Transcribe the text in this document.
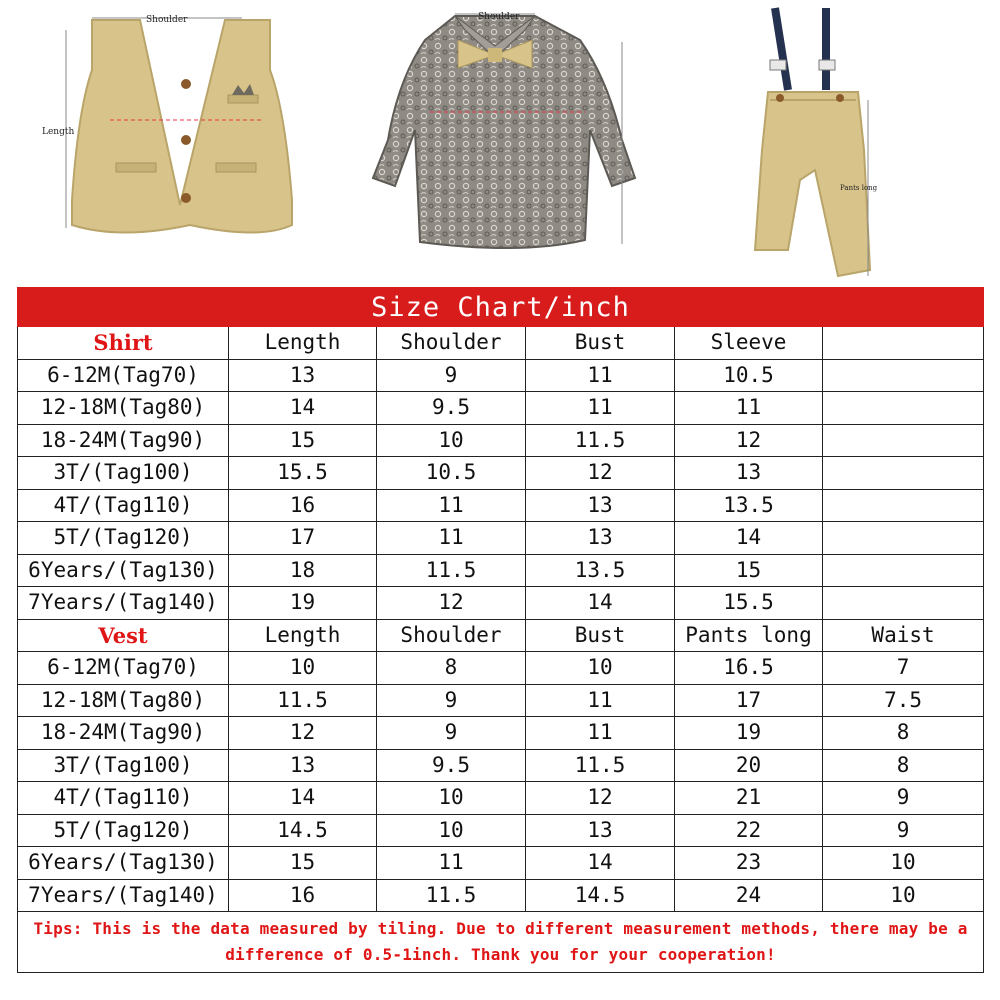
Shoulder
Length
Shoulder
Pants long
Size Chart/inch					
Shirt	Length	Shoulder	Bust	Sleeve	
6-12M(Tag70)	13	9	11	10.5	
12-18M(Tag80)	14	9.5	11	11	
18-24M(Tag90)	15	10	11.5	12	
3T/(Tag100)	15.5	10.5	12	13	
4T/(Tag110)	16	11	13	13.5	
5T/(Tag120)	17	11	13	14	
6Years/(Tag130)	18	11.5	13.5	15	
7Years/(Tag140)	19	12	14	15.5	
Vest	Length	Shoulder	Bust	Pants long	Waist
6-12M(Tag70)	10	8	10	16.5	7
12-18M(Tag80)	11.5	9	11	17	7.5
18-24M(Tag90)	12	9	11	19	8
3T/(Tag100)	13	9.5	11.5	20	8
4T/(Tag110)	14	10	12	21	9
5T/(Tag120)	14.5	10	13	22	9
6Years/(Tag130)	15	11	14	23	10
7Years/(Tag140)	16	11.5	14.5	24	10
Tips: This is the data measured by tiling. Due to different measurement methods, there may be a difference of 0.5-1inch. Thank you for your cooperation!					
